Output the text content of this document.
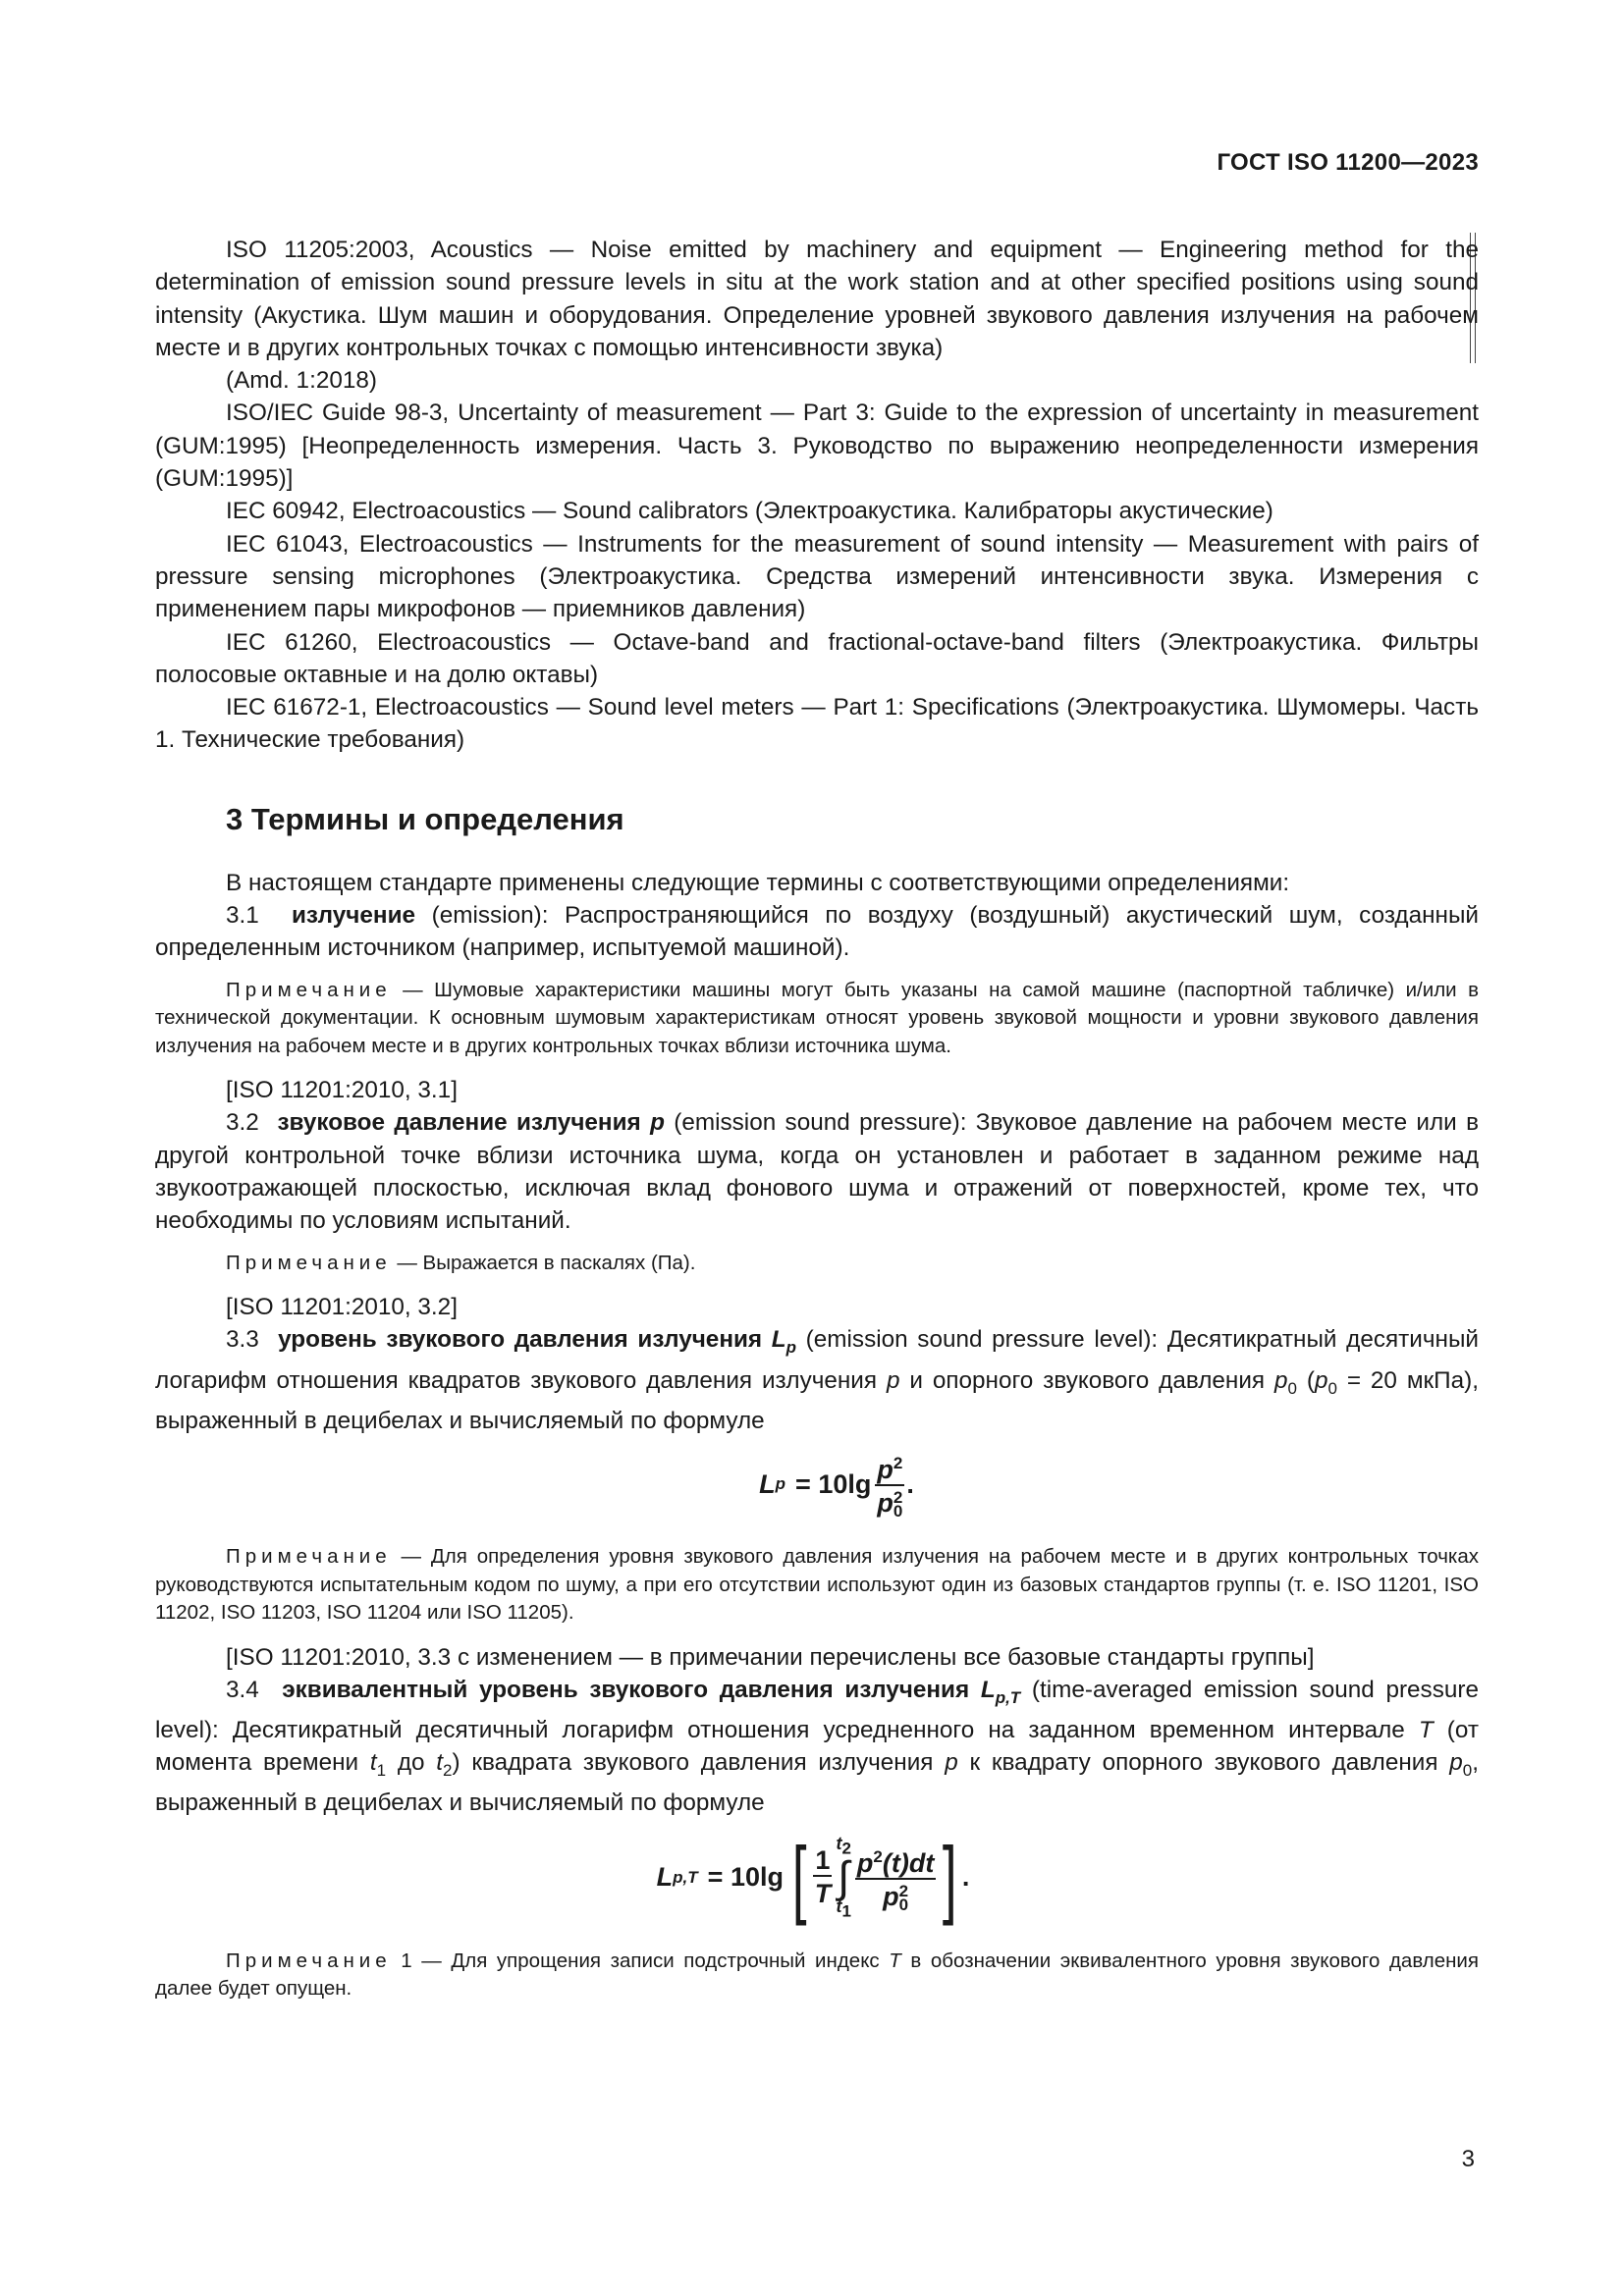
ГОСТ ISO 11200—2023

ISO 11205:2003, Acoustics — Noise emitted by machinery and equipment — Engineering method for the determination of emission sound pressure levels in situ at the work station and at other specified positions using sound intensity (Акустика. Шум машин и оборудования. Определение уровней звукового давления излучения на рабочем месте и в других контрольных точках с помощью интенсивности звука)

(Amd. 1:2018)

ISO/IEC Guide 98-3, Uncertainty of measurement — Part 3: Guide to the expression of uncertainty in measurement (GUM:1995) [Неопределенность измерения. Часть 3. Руководство по выражению неопределенности измерения (GUM:1995)]

IEC 60942, Electroacoustics — Sound calibrators (Электроакустика. Калибраторы акустические)

IEC 61043, Electroacoustics — Instruments for the measurement of sound intensity — Measurement with pairs of pressure sensing microphones (Электроакустика. Средства измерений интенсивности звука. Измерения с применением пары микрофонов — приемников давления)

IEC 61260, Electroacoustics — Octave-band and fractional-octave-band filters (Электроакустика. Фильтры полосовые октавные и на долю октавы)

IEC 61672-1, Electroacoustics — Sound level meters — Part 1: Specifications (Электроакустика. Шумомеры. Часть 1. Технические требования)

3 Термины и определения

В настоящем стандарте применены следующие термины с соответствующими определениями:

3.1 излучение (emission): Распространяющийся по воздуху (воздушный) акустический шум, созданный определенным источником (например, испытуемой машиной).

Примечание — Шумовые характеристики машины могут быть указаны на самой машине (паспортной табличке) и/или в технической документации. К основным шумовым характеристикам относят уровень звуковой мощности и уровни звукового давления излучения на рабочем месте и в других контрольных точках вблизи источника шума.
[ISO 11201:2010, 3.1]

3.2 звуковое давление излучения p (emission sound pressure): Звуковое давление на рабочем месте или в другой контрольной точке вблизи источника шума, когда он установлен и работает в заданном режиме над звукоотражающей плоскостью, исключая вклад фонового шума и отражений от поверхностей, кроме тех, что необходимы по условиям испытаний.

Примечание — Выражается в паскалях (Па).
[ISO 11201:2010, 3.2]

3.3 уровень звукового давления излучения $L_p$ (emission sound pressure level): Десятикратный десятичный логарифм отношения квадратов звукового давления излучения p и опорного звукового давления $p_0$ ($p_0 = 20$ мкПа), выраженный в децибелах и вычисляемый по формуле

L p = 10lg $p^2$
p 2
0 .
Примечание — Для определения уровня звукового давления излучения на рабочем месте и в других контрольных точках руководствуются испытательным кодом по шуму, а при его отсутствии используют один из базовых стандартов группы (т. е. ISO 11201, ISO 11202, ISO 11203, ISO 11204 или ISO 11205).
[ISO 11201:2010, 3.3 с изменением — в примечании перечислены все базовые стандарты группы]

3.4 эквивалентный уровень звукового давления излучения $L_{p,T}$ (time-averaged emission sound pressure level): Десятикратный десятичный логарифм отношения усредненного на заданном временном интервале T (от момента времени $t_1$ до $t_2$) квадрата звукового давления излучения p к квадрату опорного звукового давления $p_0$, выраженный в децибелах и вычисляемый по формуле

L p,T = 10lg [ $\frac{1}{T}$
$t_2$
∫
$t_1$ $p^2(t)dt$
p 2
0 ] .
Примечание 1 — Для упрощения записи подстрочный индекс T в обозначении эквивалентного уровня звукового давления далее будет опущен.
3
